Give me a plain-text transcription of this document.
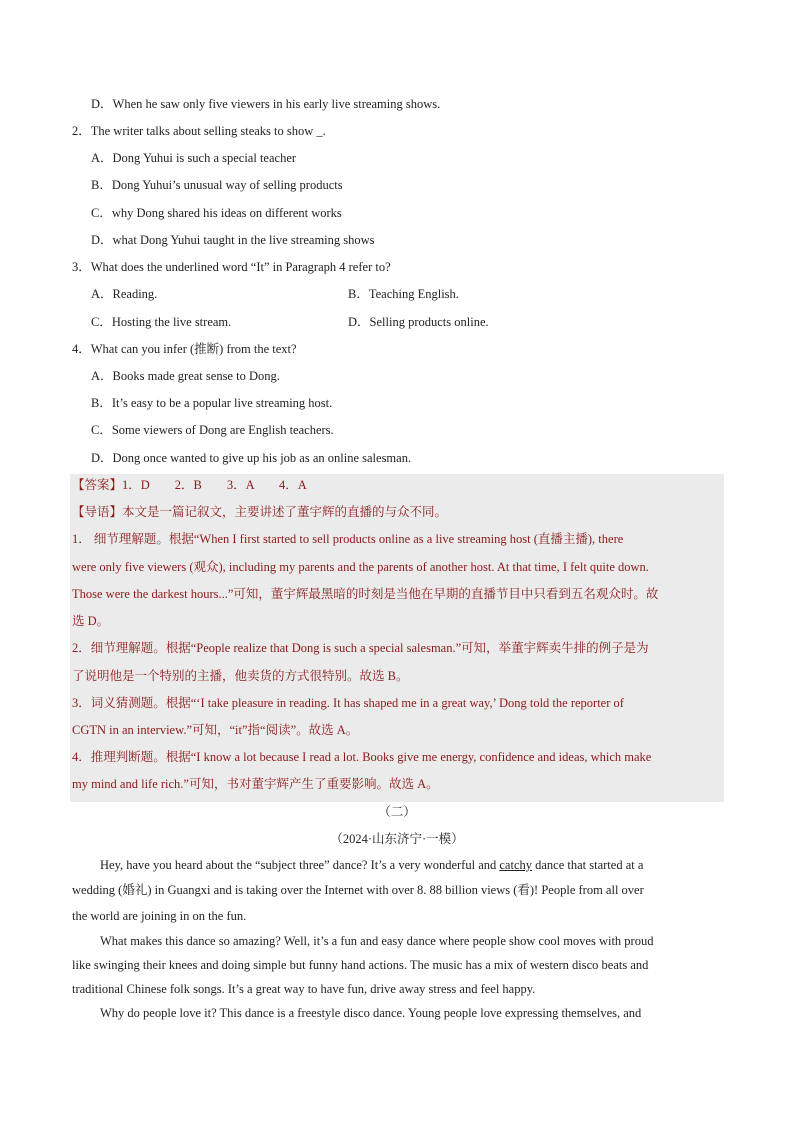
D．When he saw only five viewers in his early live streaming shows.
2．The writer talks about selling steaks to show _.
A．Dong Yuhui is such a special teacher
B．Dong Yuhui’s unusual way of selling products
C．why Dong shared his ideas on different works
D．what Dong Yuhui taught in the live streaming shows
3．What does the underlined word “It” in Paragraph 4 refer to?
A．Reading.	B．Teaching English.
C．Hosting the live stream.	D．Selling products online.
4．What can you infer (推断) from the text?
A．Books made great sense to Dong.
B．It’s easy to be a popular live streaming host.
C．Some viewers of Dong are English teachers.
D．Dong once wanted to give up his job as an online salesman.
【答案】1．D　　2．B　　3．A　　4．A
【导语】本文是一篇记叙文，主要讲述了董宇辉的直播的与众不同。
1． 细节理解题。根据“When I first started to sell products online as a live streaming host (直播主播), there
were only five viewers (观众), including my parents and the parents of another host. At that time, I felt quite down.
Those were the darkest hours...”可知，董宇辉最黑暗的时刻是当他在早期的直播节目中只看到五名观众时。故
选 D。
2．细节理解题。根据“People realize that Dong is such a special salesman.”可知，举董宇辉卖牛排的例子是为
了说明他是一个特别的主播，他卖货的方式很特别。故选 B。
3．词义猜测题。根据“‘I take pleasure in reading. It has shaped me in a great way,’ Dong told the reporter of
CGTN in an interview.”可知，“it”指“阅读”。故选 A。
4．推理判断题。根据“I know a lot because I read a lot. Books give me energy, confidence and ideas, which make
my mind and life rich.”可知，书对董宇辉产生了重要影响。故选 A。
（二）
（2024·山东济宁·一模）
Hey, have you heard about the “subject three” dance? It’s a very wonderful and catchy dance that started at a
wedding (婚礼) in Guangxi and is taking over the Internet with over 8. 88 billion views (看)! People from all over
the world are joining in on the fun.
What makes this dance so amazing? Well, it’s a fun and easy dance where people show cool moves with proud
like swinging their knees and doing simple but funny hand actions. The music has a mix of western disco beats and
traditional Chinese folk songs. It’s a great way to have fun, drive away stress and feel happy.
Why do people love it? This dance is a freestyle disco dance. Young people love expressing themselves, and
